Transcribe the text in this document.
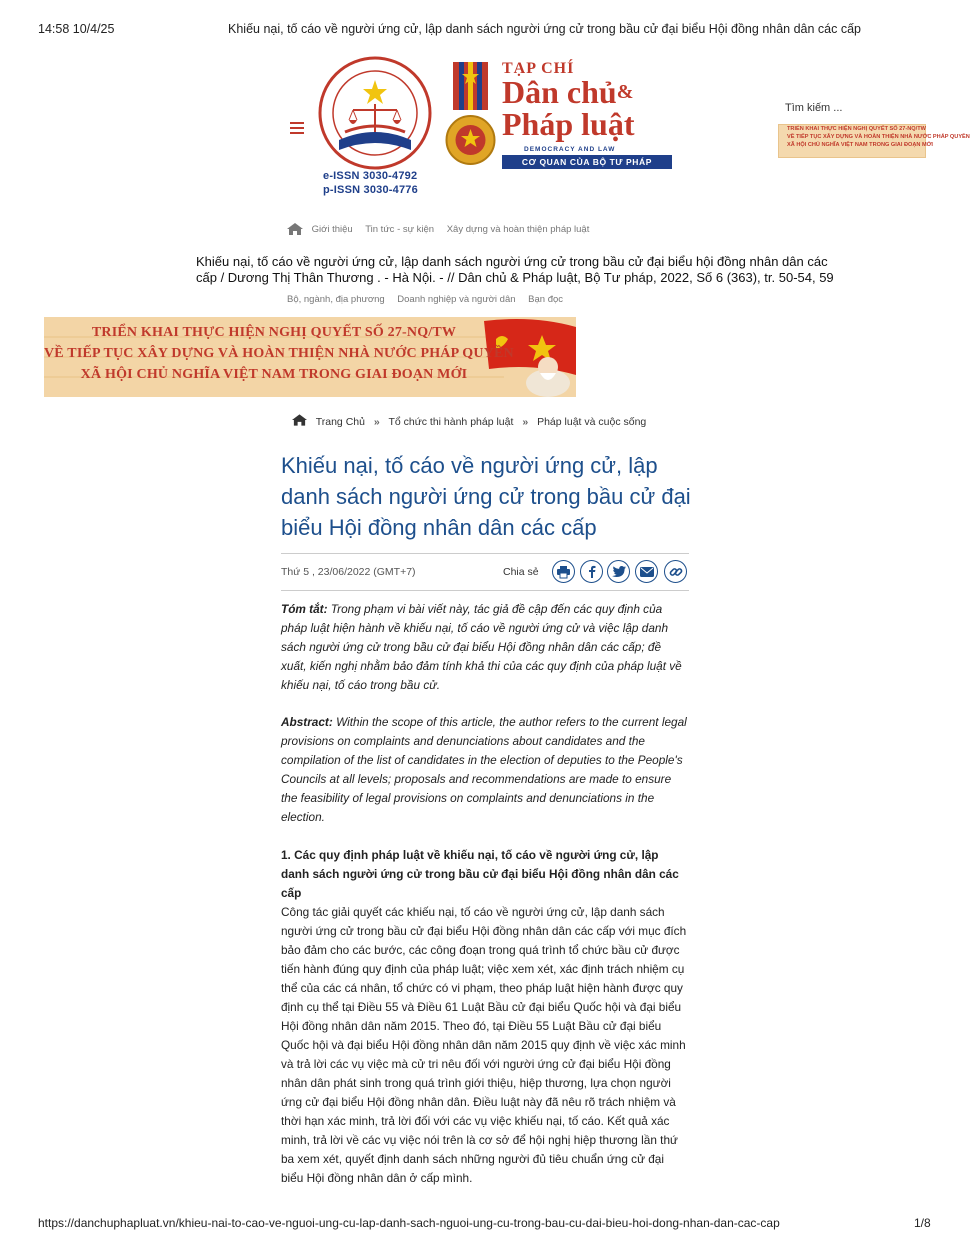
14:58 10/4/25	Khiếu nại, tố cáo về người ứng cử, lập danh sách người ứng cử trong bầu cử đại biểu Hội đồng nhân dân các cấp
e-ISSN 3030-4792
p-ISSN 3030-4776
TẠP CHÍ
Dân chủ&
Pháp luật
DEMOCRACY AND LAW
CƠ QUAN CỦA BỘ TƯ PHÁP
Tìm kiếm ...
TRIỂN KHAI THỰC HIỆN NGHỊ QUYẾT SỐ 27-NQ/TW
VỀ TIẾP TỤC XÂY DỰNG VÀ HOÀN THIỆN NHÀ NƯỚC PHÁP QUYỀN
XÃ HỘI CHỦ NGHĨA VIỆT NAM TRONG GIAI ĐOẠN MỚI
Giới thiệu Tin tức - sự kiện Xây dựng và hoàn thiện pháp luật
Khiếu nại, tố cáo về người ứng cử, lập danh sách người ứng cử trong bầu cử đại biểu hội đồng nhân dân các cấp / Dương Thị Thân Thương . - Hà Nội. - // Dân chủ & Pháp luật, Bộ Tư pháp, 2022, Số 6 (363), tr. 50-54, 59
Bộ, ngành, địa phương Doanh nghiệp và người dân Bạn đọc
TRIỂN KHAI THỰC HIỆN NGHỊ QUYẾT SỐ 27-NQ/TW
VỀ TIẾP TỤC XÂY DỰNG VÀ HOÀN THIỆN NHÀ NƯỚC PHÁP QUYỀN
XÃ HỘI CHỦ NGHĨA VIỆT NAM TRONG GIAI ĐOẠN MỚI
Trang Chủ » Tổ chức thi hành pháp luật » Pháp luật và cuộc sống
Khiếu nại, tố cáo về người ứng cử, lập danh sách người ứng cử trong bầu cử đại biểu Hội đồng nhân dân các cấp
Thứ 5 , 23/06/2022 (GMT+7)	Chia sẻ

Tóm tắt: Trong phạm vi bài viết này, tác giả đề cập đến các quy định của pháp luật hiện hành về khiếu nại, tố cáo về người ứng cử và việc lập danh sách người ứng cử trong bầu cử đại biểu Hội đồng nhân dân các cấp; đề xuất, kiến nghị nhằm bảo đảm tính khả thi của các quy định của pháp luật về khiếu nại, tố cáo trong bầu cử.

Abstract: Within the scope of this article, the author refers to the current legal provisions on complaints and denunciations about candidates and the compilation of the list of candidates in the election of deputies to the People's Councils at all levels; proposals and recommendations are made to ensure the feasibility of legal provisions on complaints and denunciations in the election.

1. Các quy định pháp luật về khiếu nại, tố cáo về người ứng cử, lập danh sách người ứng cử trong bầu cử đại biểu Hội đồng nhân dân các cấp

Công tác giải quyết các khiếu nại, tố cáo về người ứng cử, lập danh sách người ứng cử trong bầu cử đại biểu Hội đồng nhân dân các cấp với mục đích bảo đảm cho các bước, các công đoạn trong quá trình tổ chức bầu cử được tiến hành đúng quy định của pháp luật; việc xem xét, xác định trách nhiệm cụ thể của các cá nhân, tổ chức có vi phạm, theo pháp luật hiện hành được quy định cụ thể tại Điều 55 và Điều 61 Luật Bầu cử đại biểu Quốc hội và đại biểu Hội đồng nhân dân năm 2015. Theo đó, tại Điều 55 Luật Bầu cử đại biểu Quốc hội và đại biểu Hội đồng nhân dân năm 2015 quy định về việc xác minh và trả lời các vụ việc mà cử tri nêu đối với người ứng cử đại biểu Hội đồng nhân dân phát sinh trong quá trình giới thiệu, hiệp thương, lựa chọn người ứng cử đại biểu Hội đồng nhân dân. Điều luật này đã nêu rõ trách nhiệm và thời hạn xác minh, trả lời đối với các vụ việc khiếu nại, tố cáo. Kết quả xác minh, trả lời về các vụ việc nói trên là cơ sở để hội nghị hiệp thương lần thứ ba xem xét, quyết định danh sách những người đủ tiêu chuẩn ứng cử đại biểu Hội đồng nhân dân ở cấp mình.

https://danchuphapluat.vn/khieu-nai-to-cao-ve-nguoi-ung-cu-lap-danh-sach-nguoi-ung-cu-trong-bau-cu-dai-bieu-hoi-dong-nhan-dan-cac-cap	1/8
